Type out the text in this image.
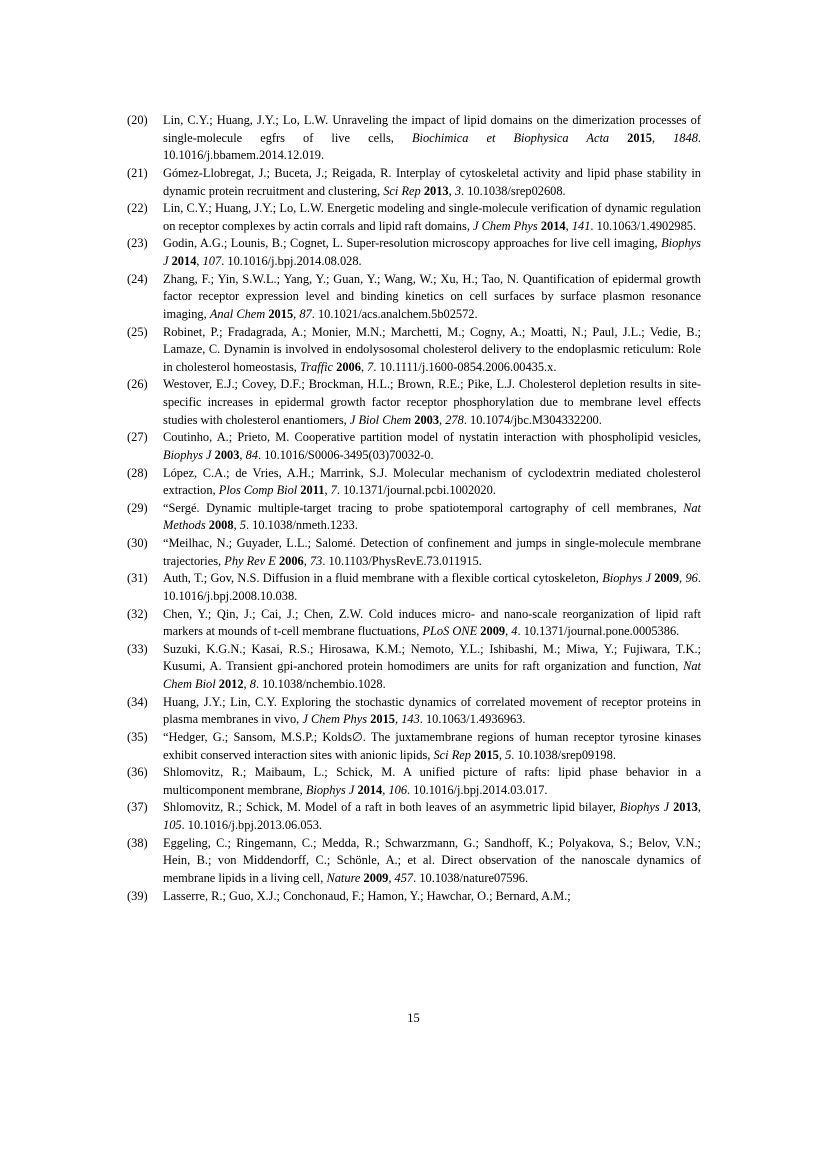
(20)	Lin, C.Y.; Huang, J.Y.; Lo, L.W. Unraveling the impact of lipid domains on the dimerization processes of single-molecule egfrs of live cells, Biochimica et Biophysica Acta 2015, 1848. 10.1016/j.bbamem.2014.12.019.
(21)	Gómez-Llobregat, J.; Buceta, J.; Reigada, R. Interplay of cytoskeletal activity and lipid phase stability in dynamic protein recruitment and clustering, Sci Rep 2013, 3. 10.1038/srep02608.
(22)	Lin, C.Y.; Huang, J.Y.; Lo, L.W. Energetic modeling and single-molecule verification of dynamic regulation on receptor complexes by actin corrals and lipid raft domains, J Chem Phys 2014, 141. 10.1063/1.4902985.
(23)	Godin, A.G.; Lounis, B.; Cognet, L. Super-resolution microscopy approaches for live cell imaging, Biophys J 2014, 107. 10.1016/j.bpj.2014.08.028.
(24)	Zhang, F.; Yin, S.W.L.; Yang, Y.; Guan, Y.; Wang, W.; Xu, H.; Tao, N. Quantification of epidermal growth factor receptor expression level and binding kinetics on cell surfaces by surface plasmon resonance imaging, Anal Chem 2015, 87. 10.1021/acs.analchem.5b02572.
(25)	Robinet, P.; Fradagrada, A.; Monier, M.N.; Marchetti, M.; Cogny, A.; Moatti, N.; Paul, J.L.; Vedie, B.; Lamaze, C. Dynamin is involved in endolysosomal cholesterol delivery to the endoplasmic reticulum: Role in cholesterol homeostasis, Traffic 2006, 7. 10.1111/j.1600-0854.2006.00435.x.
(26)	Westover, E.J.; Covey, D.F.; Brockman, H.L.; Brown, R.E.; Pike, L.J. Cholesterol depletion results in site-specific increases in epidermal growth factor receptor phosphorylation due to membrane level effects studies with cholesterol enantiomers, J Biol Chem 2003, 278. 10.1074/jbc.M304332200.
(27)	Coutinho, A.; Prieto, M. Cooperative partition model of nystatin interaction with phospholipid vesicles, Biophys J 2003, 84. 10.1016/S0006-3495(03)70032-0.
(28)	López, C.A.; de Vries, A.H.; Marrink, S.J. Molecular mechanism of cyclodextrin mediated cholesterol extraction, Plos Comp Biol 2011, 7. 10.1371/journal.pcbi.1002020.
(29)	“Sergé. Dynamic multiple-target tracing to probe spatiotemporal cartography of cell membranes, Nat Methods 2008, 5. 10.1038/nmeth.1233.
(30)	“Meilhac, N.; Guyader, L.L.; Salomé. Detection of confinement and jumps in single-molecule membrane trajectories, Phy Rev E 2006, 73. 10.1103/PhysRevE.73.011915.
(31)	Auth, T.; Gov, N.S. Diffusion in a fluid membrane with a flexible cortical cytoskeleton, Biophys J 2009, 96. 10.1016/j.bpj.2008.10.038.
(32)	Chen, Y.; Qin, J.; Cai, J.; Chen, Z.W. Cold induces micro- and nano-scale reorganization of lipid raft markers at mounds of t-cell membrane fluctuations, PLoS ONE 2009, 4. 10.1371/journal.pone.0005386.
(33)	Suzuki, K.G.N.; Kasai, R.S.; Hirosawa, K.M.; Nemoto, Y.L.; Ishibashi, M.; Miwa, Y.; Fujiwara, T.K.; Kusumi, A. Transient gpi-anchored protein homodimers are units for raft organization and function, Nat Chem Biol 2012, 8. 10.1038/nchembio.1028.
(34)	Huang, J.Y.; Lin, C.Y. Exploring the stochastic dynamics of correlated movement of receptor proteins in plasma membranes in vivo, J Chem Phys 2015, 143. 10.1063/1.4936963.
(35)	“Hedger, G.; Sansom, M.S.P.; Kolds∅. The juxtamembrane regions of human receptor tyrosine kinases exhibit conserved interaction sites with anionic lipids, Sci Rep 2015, 5. 10.1038/srep09198.
(36)	Shlomovitz, R.; Maibaum, L.; Schick, M. A unified picture of rafts: lipid phase behavior in a multicomponent membrane, Biophys J 2014, 106. 10.1016/j.bpj.2014.03.017.
(37)	Shlomovitz, R.; Schick, M. Model of a raft in both leaves of an asymmetric lipid bilayer, Biophys J 2013, 105. 10.1016/j.bpj.2013.06.053.
(38)	Eggeling, C.; Ringemann, C.; Medda, R.; Schwarzmann, G.; Sandhoff, K.; Polyakova, S.; Belov, V.N.; Hein, B.; von Middendorff, C.; Schönle, A.; et al. Direct observation of the nanoscale dynamics of membrane lipids in a living cell, Nature 2009, 457. 10.1038/nature07596.
(39)	Lasserre, R.; Guo, X.J.; Conchonaud, F.; Hamon, Y.; Hawchar, O.; Bernard, A.M.;
15
